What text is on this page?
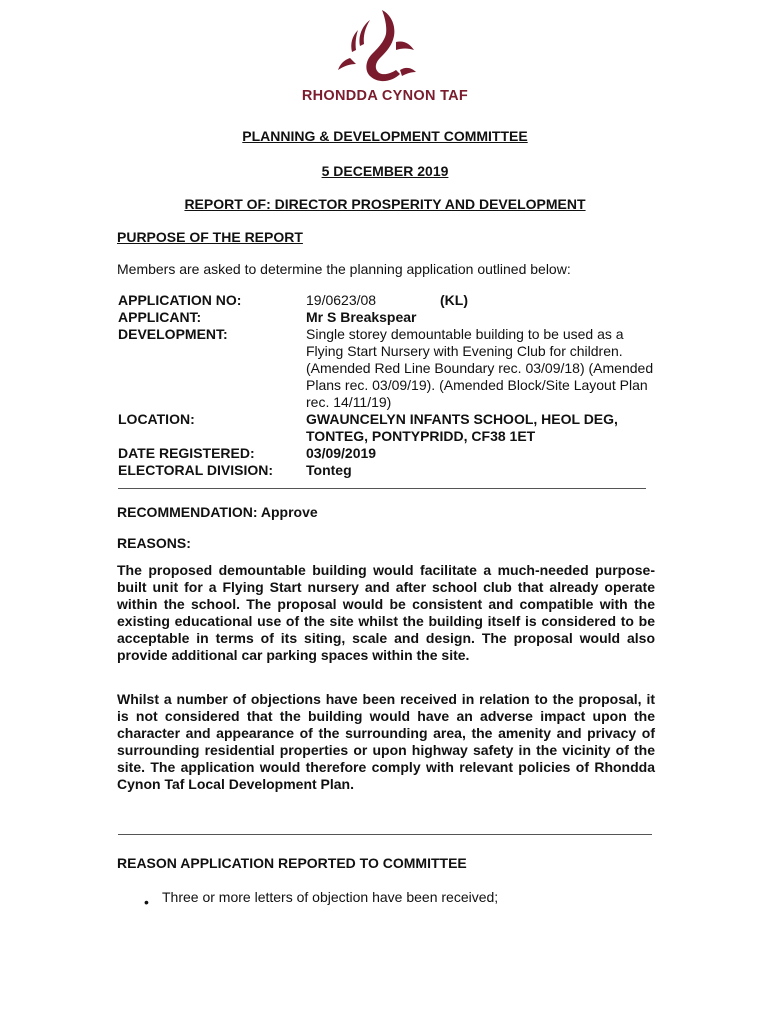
RHONDDA CYNON TAF
PLANNING & DEVELOPMENT COMMITTEE
5 DECEMBER 2019
REPORT OF: DIRECTOR PROSPERITY AND DEVELOPMENT
PURPOSE OF THE REPORT
Members are asked to determine the planning application outlined below:
APPLICATION NO:	19/0623/08	(KL)
APPLICANT:	Mr S Breakspear
DEVELOPMENT:	Single storey demountable building to be used as a
Flying Start Nursery with Evening Club for children.
(Amended Red Line Boundary rec. 03/09/18) (Amended
Plans rec. 03/09/19). (Amended Block/Site Layout Plan
rec. 14/11/19)
LOCATION:	GWAUNCELYN INFANTS SCHOOL, HEOL DEG,
TONTEG, PONTYPRIDD, CF38 1ET
DATE REGISTERED:	03/09/2019
ELECTORAL DIVISION: Tonteg
RECOMMENDATION: Approve
REASONS:
The proposed demountable building would facilitate a much-needed purpose-built unit for a Flying Start nursery and after school club that already operate within the school. The proposal would be consistent and compatible with the existing educational use of the site whilst the building itself is considered to be acceptable in terms of its siting, scale and design. The proposal would also provide additional car parking spaces within the site.
Whilst a number of objections have been received in relation to the proposal, it is not considered that the building would have an adverse impact upon the character and appearance of the surrounding area, the amenity and privacy of surrounding residential properties or upon highway safety in the vicinity of the site. The application would therefore comply with relevant policies of Rhondda Cynon Taf Local Development Plan.
REASON APPLICATION REPORTED TO COMMITTEE
• Three or more letters of objection have been received;
